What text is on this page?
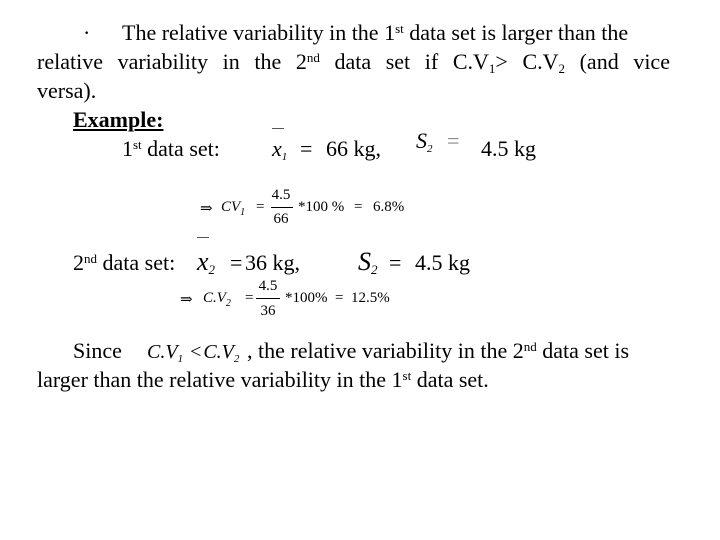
· The relative variability in the 1st data set is larger than the
relative variability in the 2nd data set if $C.V_1> C.V_2$ (and vice
versa).
Example:
1st data set: $x_1 = 66$ kg, $S_2 = 4.5$ kg
⇒ $CV_1$ =
4.5
66
*100 % = 6.8%
2nd data set: $x_2 = 36$ kg, $S_2 = 4.5$ kg
⇒ $C.V_2$ =
4.5
36
*100% = 12.5%
Since $C.V_1 < C.V_2$ , the relative variability in the 2nd data set is
larger than the relative variability in the 1st data set.
